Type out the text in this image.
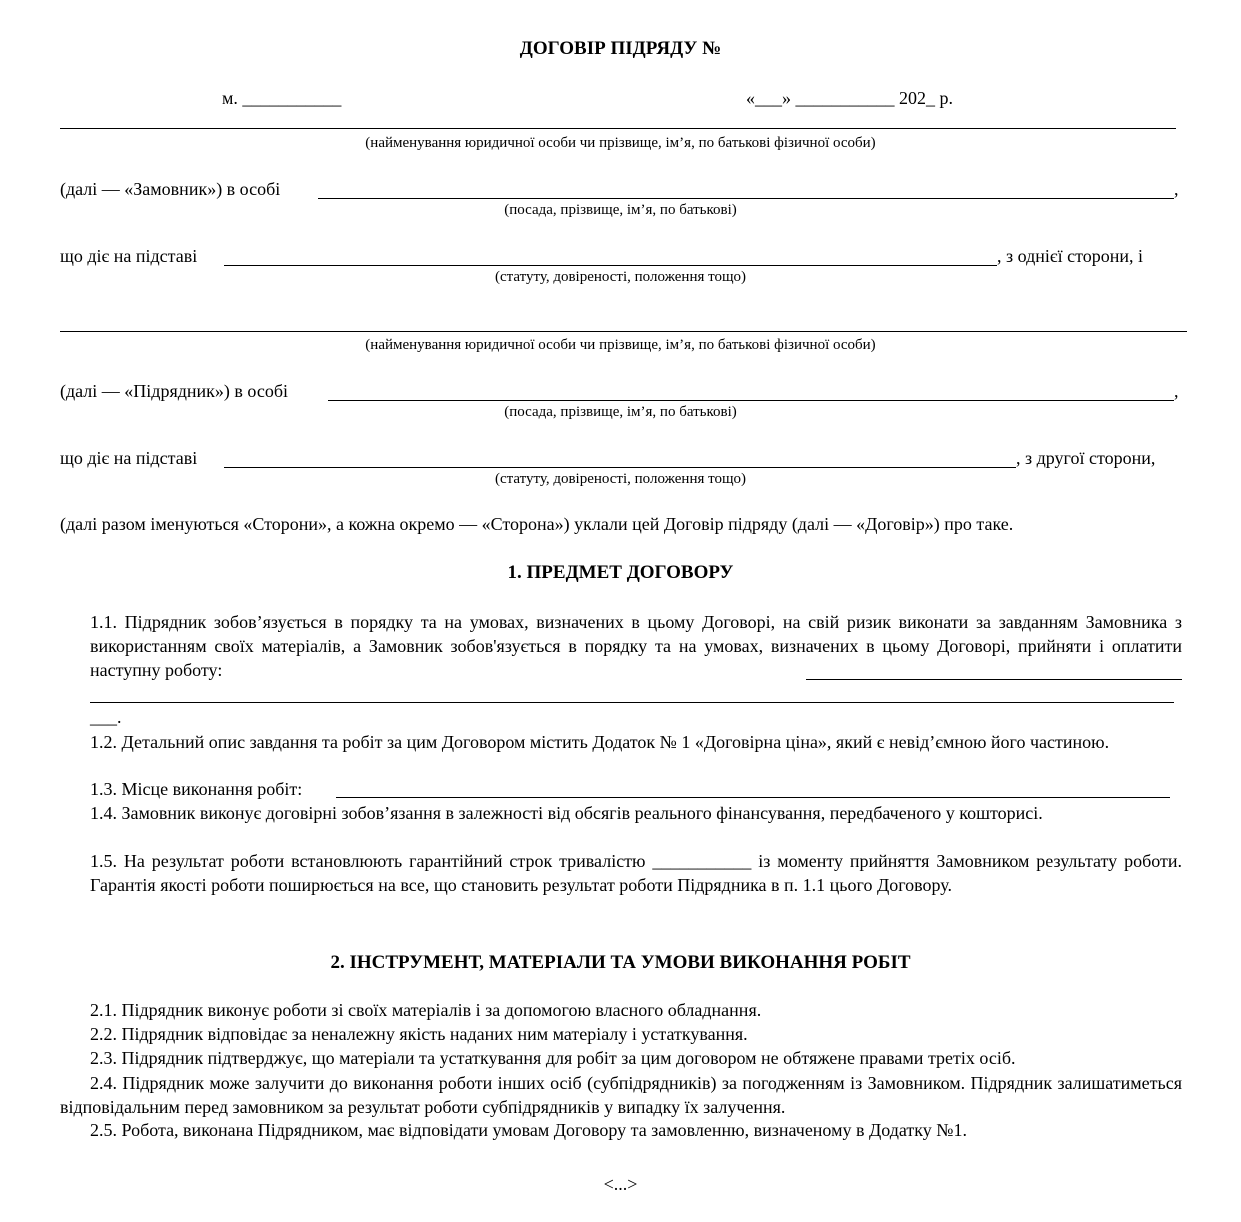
ДОГОВІР ПІДРЯДУ №
м. ___________	«___» ___________ 202_ р.
(найменування юридичної особи чи прізвище, ім’я, по батькові фізичної особи)
(далі — «Замовник») в особі	,
(посада, прізвище, ім’я, по батькові)
що діє на підставі	, з однієї сторони, і
(статуту, довіреності, положення тощо)
(найменування юридичної особи чи прізвище, ім’я, по батькові фізичної особи)
(далі — «Підрядник») в особі	,
(посада, прізвище, ім’я, по батькові)
що діє на підставі	, з другої сторони,
(статуту, довіреності, положення тощо)
(далі разом іменуються «Сторони», а кожна окремо — «Сторона») уклали цей Договір підряду (далі — «Договір») про таке.
1. ПРЕДМЕТ ДОГОВОРУ
1.1. Підрядник зобов’язується в порядку та на умовах, визначених в цьому Договорі, на свій ризик виконати за завданням Замовника з використанням своїх матеріалів, а Замовник зобов'язується в порядку та на умовах, визначених в цьому Договорі, прийняти і оплатити наступну роботу:
___.
1.2. Детальний опис завдання та робіт за цим Договором містить Додаток № 1 «Договірна ціна», який є невід’ємною його частиною.
1.3. Місце виконання робіт:
1.4. Замовник виконує договірні зобов’язання в залежності від обсягів реального фінансування, передбаченого у кошторисі.
1.5. На результат роботи встановлюють гарантійний строк тривалістю ___________ із моменту прийняття Замовником результату роботи. Гарантія якості роботи поширюється на все, що становить результат роботи Підрядника в п. 1.1 цього Договору.
2. ІНСТРУМЕНТ, МАТЕРІАЛИ ТА УМОВИ ВИКОНАННЯ РОБІТ
2.1. Підрядник виконує роботи зі своїх матеріалів і за допомогою власного обладнання.
2.2. Підрядник відповідає за неналежну якість наданих ним матеріалу і устаткування.
2.3. Підрядник підтверджує, що матеріали та устаткування для робіт за цим договором не обтяжене правами третіх осіб.
2.4. Підрядник може залучити до виконання роботи інших осіб (субпідрядників) за погодженням із Замовником. Підрядник залишатиметься відповідальним перед замовником за результат роботи субпідрядників у випадку їх залучення.
2.5. Робота, виконана Підрядником, має відповідати умовам Договору та замовленню, визначеному в Додатку №1.
<...>
